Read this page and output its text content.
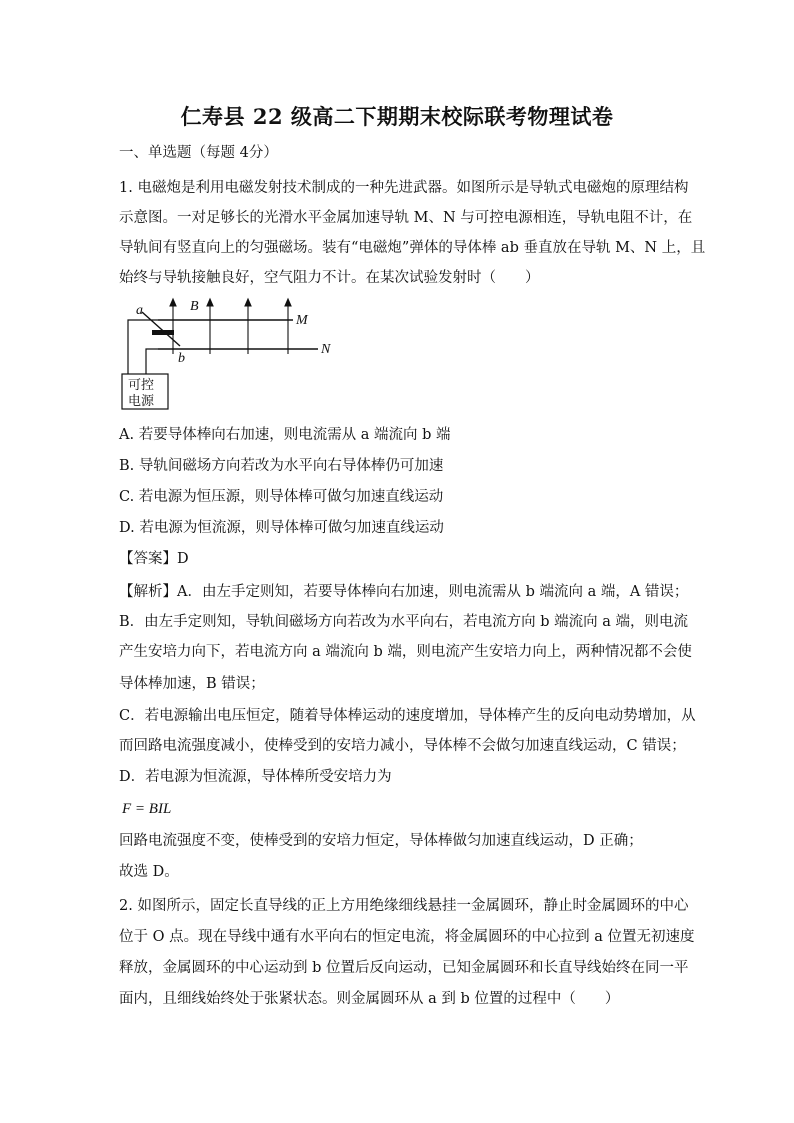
仁寿县 22 级高二下期期末校际联考物理试卷
一、单选题（每题 4分）
1. 电磁炮是利用电磁发射技术制成的一种先进武器。如图所示是导轨式电磁炮的原理结构
示意图。一对足够长的光滑水平金属加速导轨 M、N 与可控电源相连，导轨电阻不计，在
导轨间有竖直向上的匀强磁场。装有“电磁炮”弹体的导体棒 ab 垂直放在导轨 M、N 上，且
始终与导轨接触良好，空气阻力不计。在某次试验发射时（　　）
可控
电源
a
b
B
M
N
A. 若要导体棒向右加速，则电流需从 a 端流向 b 端
B. 导轨间磁场方向若改为水平向右导体棒仍可加速
C. 若电源为恒压源，则导体棒可做匀加速直线运动
D. 若电源为恒流源，则导体棒可做匀加速直线运动
【答案】D
【解析】A．由左手定则知，若要导体棒向右加速，则电流需从 b 端流向 a 端，A 错误；
B．由左手定则知，导轨间磁场方向若改为水平向右，若电流方向 b 端流向 a 端，则电流
产生安培力向下，若电流方向 a 端流向 b 端，则电流产生安培力向上，两种情况都不会使
导体棒加速，B 错误；
C．若电源输出电压恒定，随着导体棒运动的速度增加，导体棒产生的反向电动势增加，从
而回路电流强度减小，使棒受到的安培力减小，导体棒不会做匀加速直线运动，C 错误；
D．若电源为恒流源，导体棒所受安培力为
F = BIL
回路电流强度不变，使棒受到的安培力恒定，导体棒做匀加速直线运动，D 正确；
故选 D。
2. 如图所示，固定长直导线的正上方用绝缘细线悬挂一金属圆环，静止时金属圆环的中心
位于 O 点。现在导线中通有水平向右的恒定电流，将金属圆环的中心拉到 a 位置无初速度
释放，金属圆环的中心运动到 b 位置后反向运动，已知金属圆环和长直导线始终在同一平
面内，且细线始终处于张紧状态。则金属圆环从 a 到 b 位置的过程中（　　）
